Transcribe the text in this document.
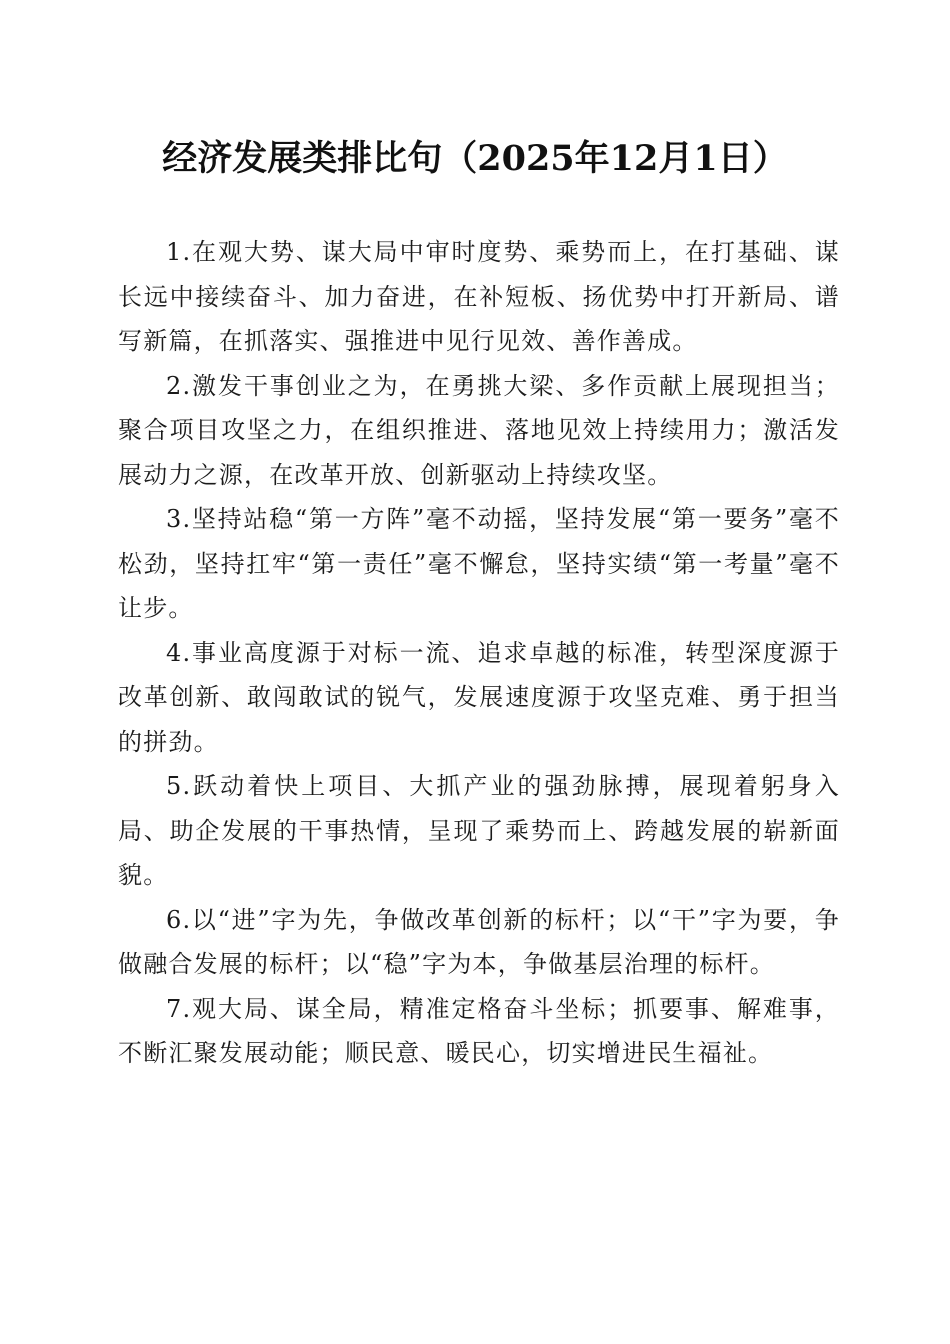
经济发展类排比句（2025年12月1日）

1.在观大势、谋大局中审时度势、乘势而上，在打基础、谋长远中接续奋斗、加力奋进，在补短板、扬优势中打开新局、谱写新篇，在抓落实、强推进中见行见效、善作善成。

2.激发干事创业之为，在勇挑大梁、多作贡献上展现担当；聚合项目攻坚之力，在组织推进、落地见效上持续用力；激活发展动力之源，在改革开放、创新驱动上持续攻坚。

3.坚持站稳“第一方阵”毫不动摇，坚持发展“第一要务”毫不松劲，坚持扛牢“第一责任”毫不懈怠，坚持实绩“第一考量”毫不让步。

4.事业高度源于对标一流、追求卓越的标准，转型深度源于改革创新、敢闯敢试的锐气，发展速度源于攻坚克难、勇于担当的拼劲。

5.跃动着快上项目、大抓产业的强劲脉搏，展现着躬身入局、助企发展的干事热情，呈现了乘势而上、跨越发展的崭新面貌。

6.以“进”字为先，争做改革创新的标杆；以“干”字为要，争做融合发展的标杆；以“稳”字为本，争做基层治理的标杆。

7.观大局、谋全局，精准定格奋斗坐标；抓要事、解难事，不断汇聚发展动能；顺民意、暖民心，切实增进民生福祉。
